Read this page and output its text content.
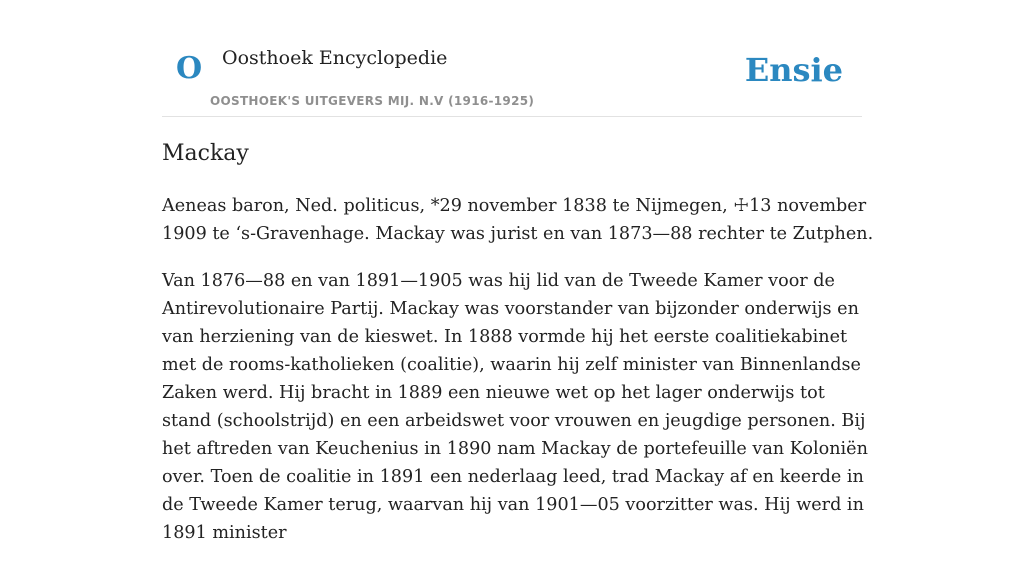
O Oosthoek Encyclopedie
OOSTHOEK'S UITGEVERS MIJ. N.V (1916-1925)
Ensie
Mackay

Aeneas baron, Ned. politicus, *29 november 1838 te Nijmegen, ☩13 november 1909 te ‘s-Gravenhage. Mackay was jurist en van 1873—88 rechter te Zutphen.

Van 1876—88 en van 1891—1905 was hij lid van de Tweede Kamer voor de Antirevolutionaire Partij. Mackay was voorstander van bijzonder onderwijs en van herziening van de kieswet. In 1888 vormde hij het eerste coalitiekabinet met de rooms-katholieken (coalitie), waarin hij zelf minister van Binnenlandse Zaken werd. Hij bracht in 1889 een nieuwe wet op het lager onderwijs tot stand (schoolstrijd) en een arbeidswet voor vrouwen en jeugdige personen. Bij het aftreden van Keuchenius in 1890 nam Mackay de portefeuille van Koloniën over. Toen de coalitie in 1891 een nederlaag leed, trad Mackay af en keerde in de Tweede Kamer terug, waarvan hij van 1901—05 voorzitter was. Hij werd in 1891 minister
